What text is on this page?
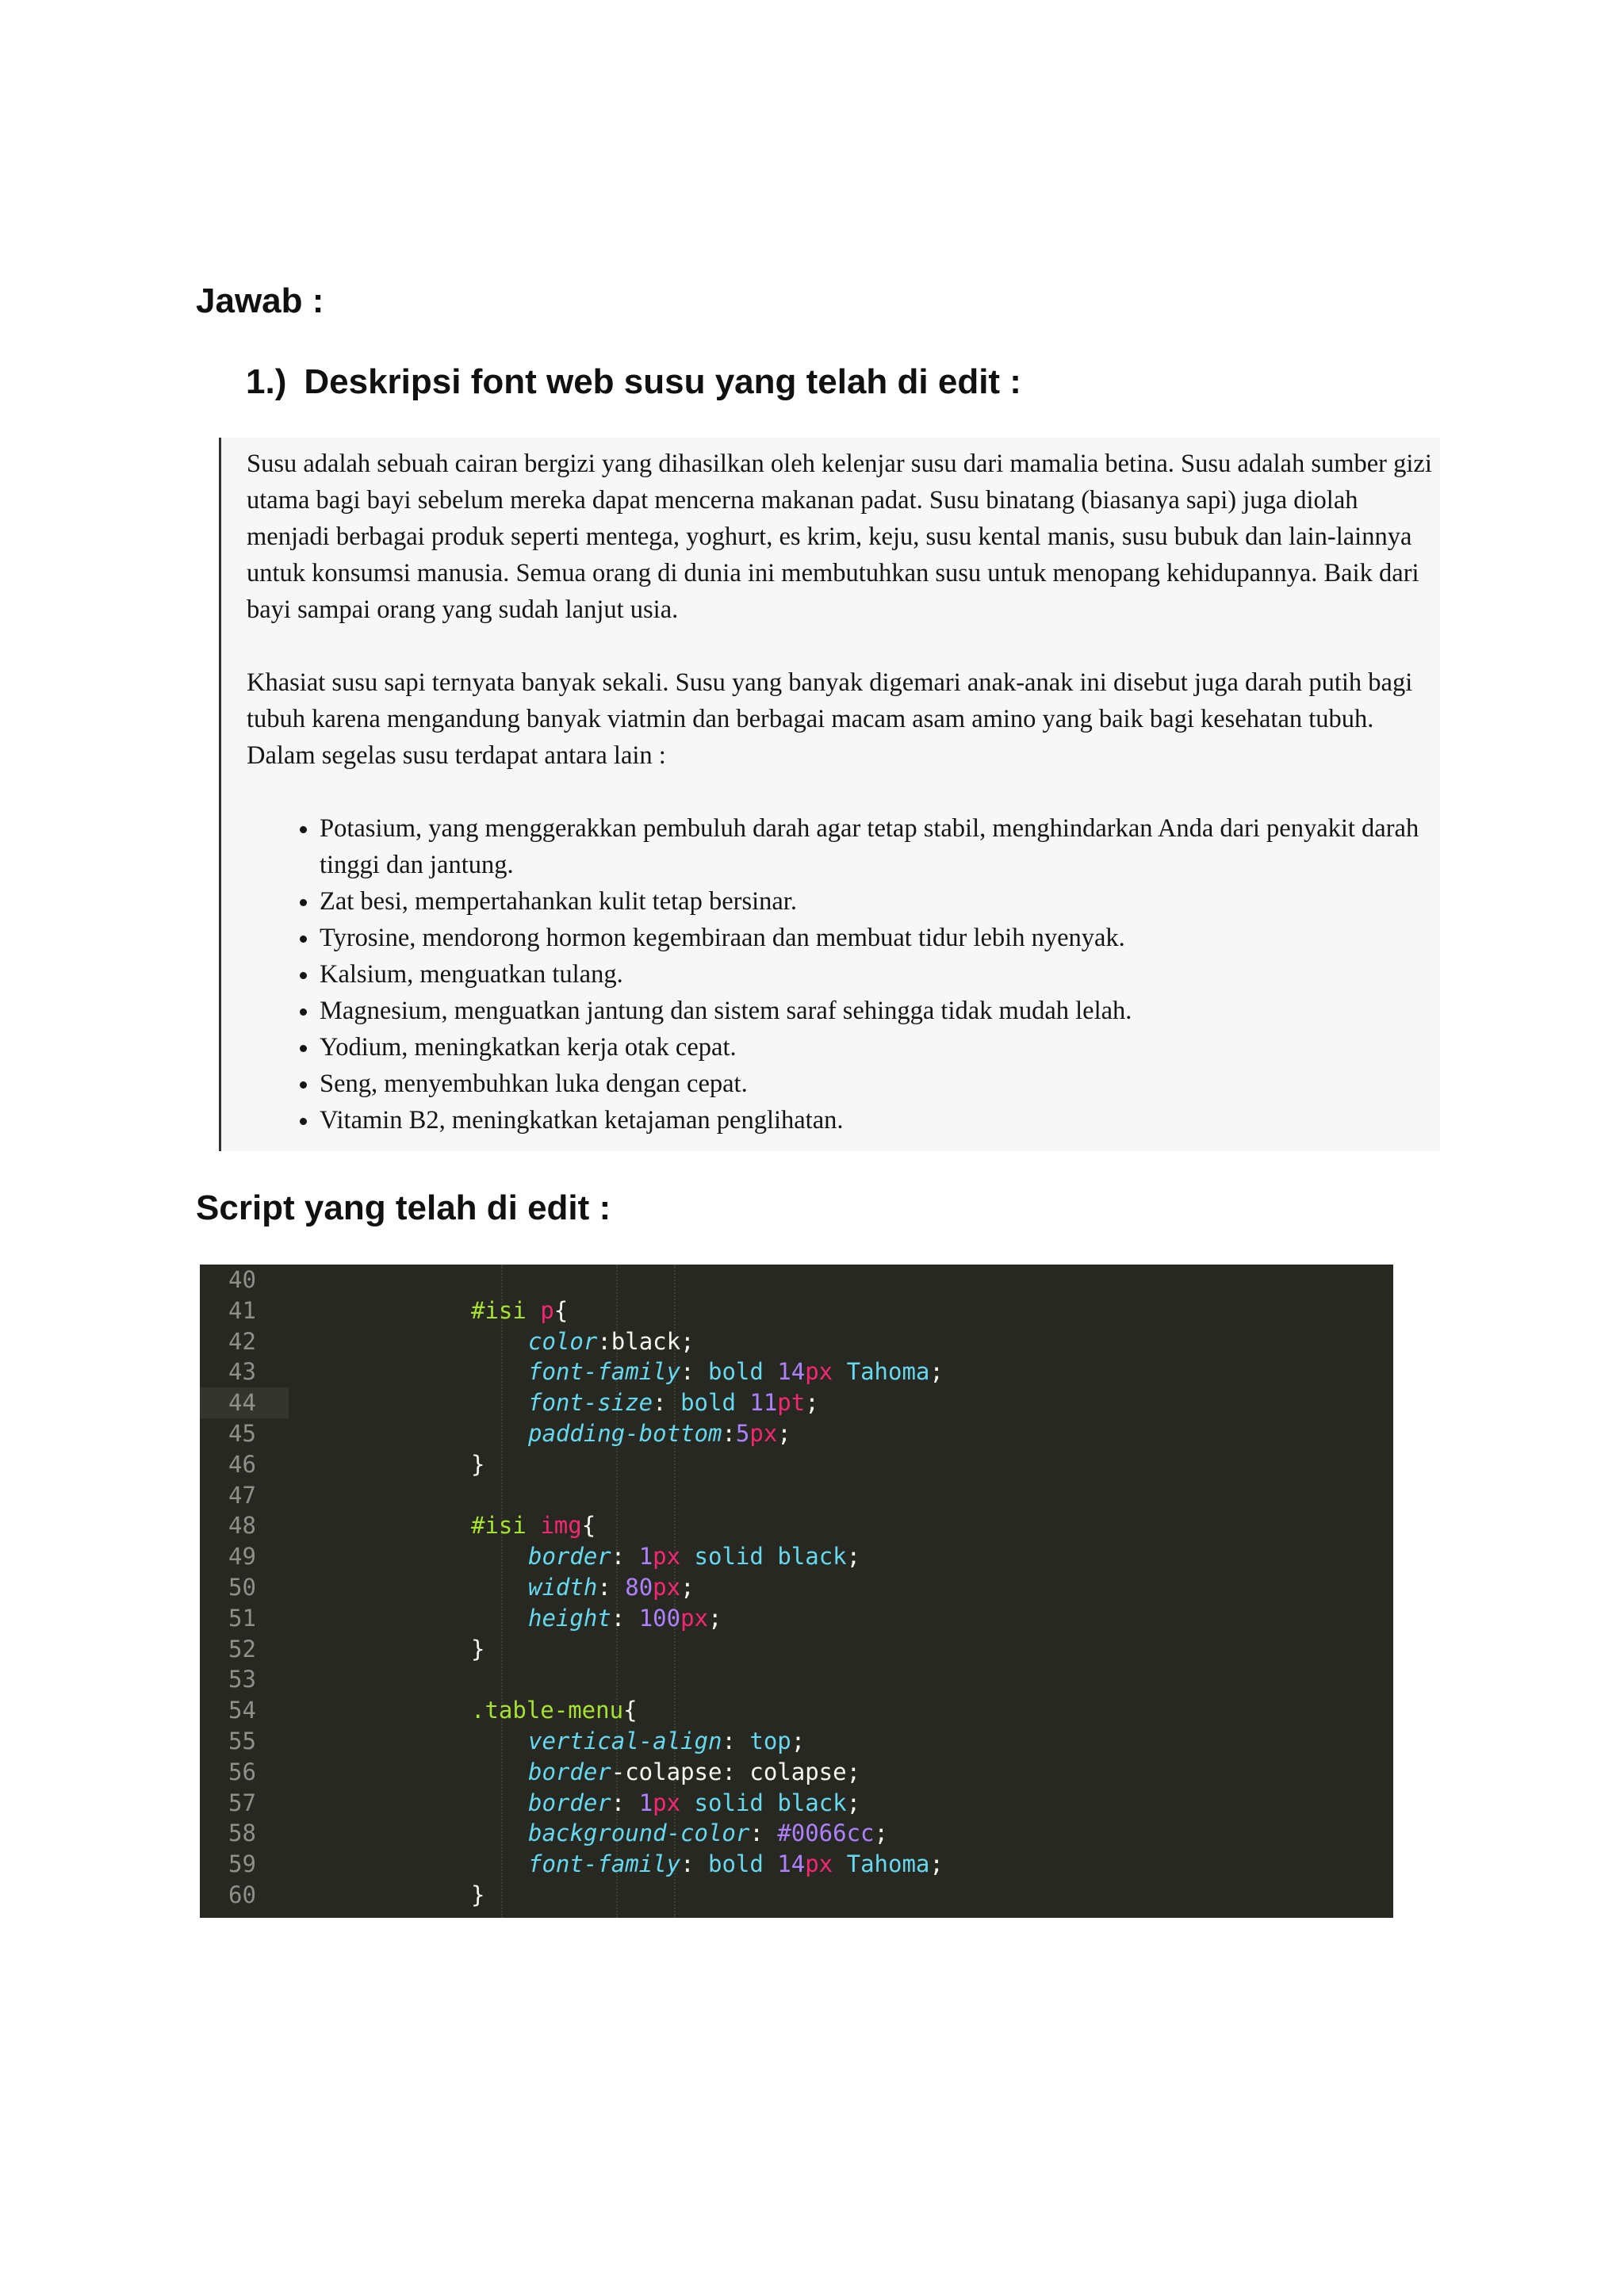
Jawab :
1.) Deskripsi font web susu yang telah di edit :

Susu adalah sebuah cairan bergizi yang dihasilkan oleh kelenjar susu dari mamalia betina. Susu adalah sumber gizi utama bagi bayi sebelum mereka dapat mencerna makanan padat. Susu binatang (biasanya sapi) juga diolah menjadi berbagai produk seperti mentega, yoghurt, es krim, keju, susu kental manis, susu bubuk dan lain-lainnya untuk konsumsi manusia. Semua orang di dunia ini membutuhkan susu untuk menopang kehidupannya. Baik dari bayi sampai orang yang sudah lanjut usia.

Khasiat susu sapi ternyata banyak sekali. Susu yang banyak digemari anak-anak ini disebut juga darah putih bagi tubuh karena mengandung banyak viatmin dan berbagai macam asam amino yang baik bagi kesehatan tubuh. Dalam segelas susu terdapat antara lain :

• Potasium, yang menggerakkan pembuluh darah agar tetap stabil, menghindarkan Anda dari penyakit darah tinggi dan jantung.
• Zat besi, mempertahankan kulit tetap bersinar.
• Tyrosine, mendorong hormon kegembiraan dan membuat tidur lebih nyenyak.
• Kalsium, menguatkan tulang.
• Magnesium, menguatkan jantung dan sistem saraf sehingga tidak mudah lelah.
• Yodium, meningkatkan kerja otak cepat.
• Seng, menyembuhkan luka dengan cepat.
• Vitamin B2, meningkatkan ketajaman penglihatan.
Script yang telah di edit :
40
41	#isi p{
42	color:black;
43	font-family: bold 14px Tahoma;
44	font-size: bold 11pt;
45	padding-bottom:5px;
46	}
47
48	#isi img{
49	border: 1px solid black;
50	width: 80px;
51	height: 100px;
52	}
53
54	.table-menu{
55	vertical-align: top;
56	border-colapse: colapse;
57	border: 1px solid black;
58	background-color: #0066cc;
59	font-family: bold 14px Tahoma;
60	}
